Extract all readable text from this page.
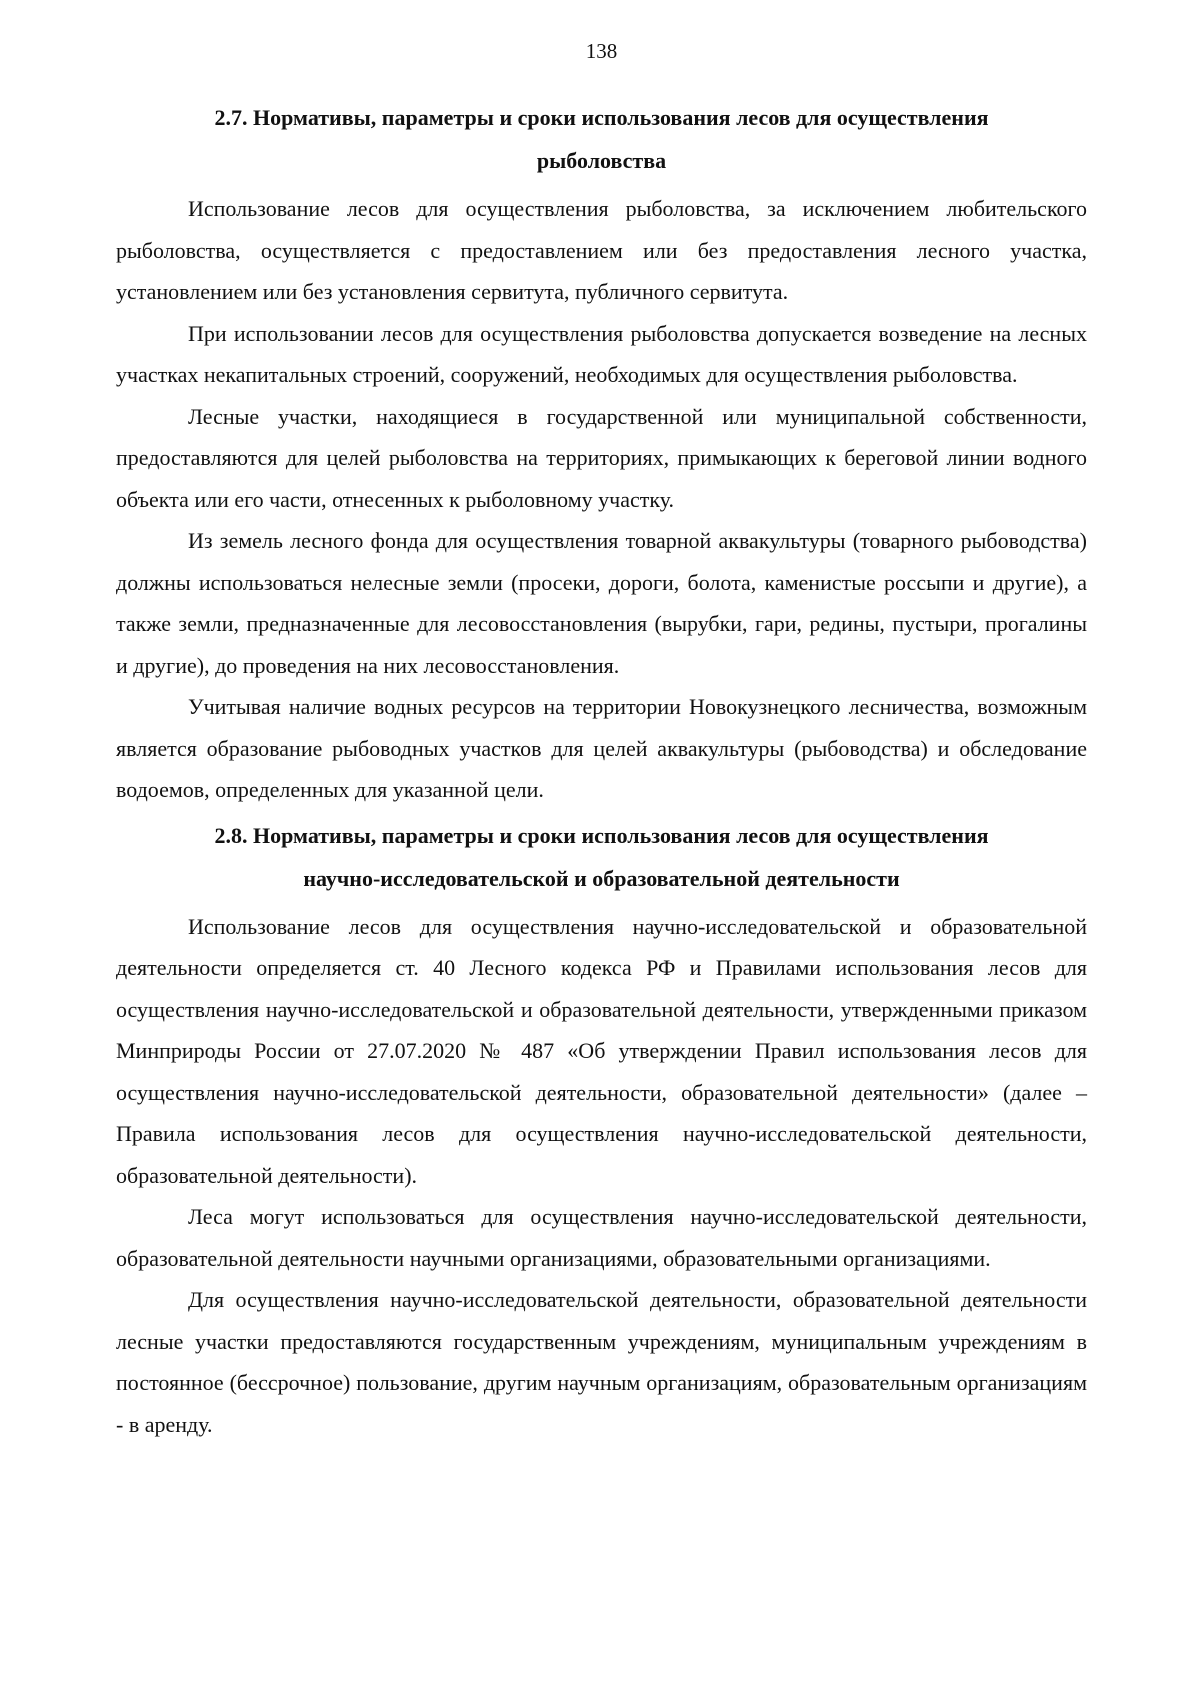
138
2.7. Нормативы, параметры и сроки использования лесов для осуществления рыболовства

Использование лесов для осуществления рыболовства, за исключением любительского рыболовства, осуществляется с предоставлением или без предоставления лесного участка, установлением или без установления сервитута, публичного сервитута.

При использовании лесов для осуществления рыболовства допускается возведение на лесных участках некапитальных строений, сооружений, необходимых для осуществления рыболовства.

Лесные участки, находящиеся в государственной или муниципальной собственности, предоставляются для целей рыболовства на территориях, примыкающих к береговой линии водного объекта или его части, отнесенных к рыболовному участку.

Из земель лесного фонда для осуществления товарной аквакультуры (товарного рыбоводства) должны использоваться нелесные земли (просеки, дороги, болота, каменистые россыпи и другие), а также земли, предназначенные для лесовосстановления (вырубки, гари, редины, пустыри, прогалины и другие), до проведения на них лесовосстановления.

Учитывая наличие водных ресурсов на территории Новокузнецкого лесничества, возможным является образование рыбоводных участков для целей аквакультуры (рыбоводства) и обследование водоемов, определенных для указанной цели.

2.8. Нормативы, параметры и сроки использования лесов для осуществления научно-исследовательской и образовательной деятельности

Использование лесов для осуществления научно-исследовательской и образовательной деятельности определяется ст. 40 Лесного кодекса РФ и Правилами использования лесов для осуществления научно-исследовательской и образовательной деятельности, утвержденными приказом Минприроды России от 27.07.2020 № 487 «Об утверждении Правил использования лесов для осуществления научно-исследовательской деятельности, образовательной деятельности» (далее – Правила использования лесов для осуществления научно-исследовательской деятельности, образовательной деятельности).

Леса могут использоваться для осуществления научно-исследовательской деятельности, образовательной деятельности научными организациями, образовательными организациями.

Для осуществления научно-исследовательской деятельности, образовательной деятельности лесные участки предоставляются государственным учреждениям, муниципальным учреждениям в постоянное (бессрочное) пользование, другим научным организациям, образовательным организациям - в аренду.
